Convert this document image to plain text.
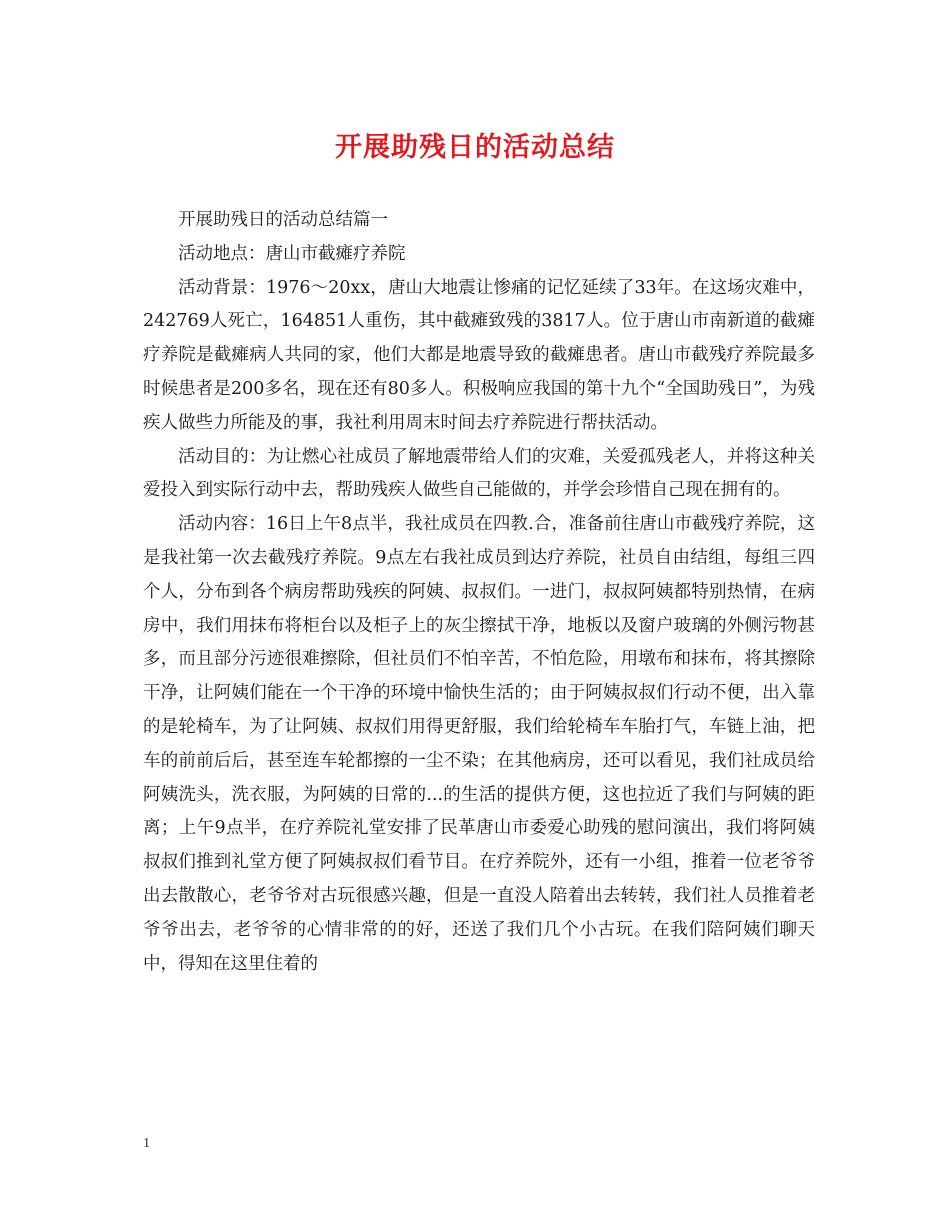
开展助残日的活动总结

开展助残日的活动总结篇一

活动地点：唐山市截瘫疗养院

活动背景：1976～20xx，唐山大地震让惨痛的记忆延续了33年。在这场灾难中，242769人死亡，164851人重伤，其中截瘫致残的3817人。位于唐山市南新道的截瘫疗养院是截瘫病人共同的家，他们大都是地震导致的截瘫患者。唐山市截残疗养院最多时候患者是200多名，现在还有80多人。积极响应我国的第十九个“全国助残日”，为残疾人做些力所能及的事，我社利用周末时间去疗养院进行帮扶活动。

活动目的：为让燃心社成员了解地震带给人们的灾难，关爱孤残老人，并将这种关爱投入到实际行动中去，帮助残疾人做些自己能做的，并学会珍惜自己现在拥有的。

活动内容：16日上午8点半，我社成员在四教.合，准备前往唐山市截残疗养院，这是我社第一次去截残疗养院。9点左右我社成员到达疗养院，社员自由结组，每组三四个人，分布到各个病房帮助残疾的阿姨、叔叔们。一进门，叔叔阿姨都特别热情，在病房中，我们用抹布将柜台以及柜子上的灰尘擦拭干净，地板以及窗户玻璃的外侧污物甚多，而且部分污迹很难擦除，但社员们不怕辛苦，不怕危险，用墩布和抹布，将其擦除干净，让阿姨们能在一个干净的环境中愉快生活的；由于阿姨叔叔们行动不便，出入靠的是轮椅车，为了让阿姨、叔叔们用得更舒服，我们给轮椅车车胎打气，车链上油，把车的前前后后，甚至连车轮都擦的一尘不染；在其他病房，还可以看见，我们社成员给阿姨洗头，洗衣服，为阿姨的日常的...的生活的提供方便，这也拉近了我们与阿姨的距离；上午9点半，在疗养院礼堂安排了民革唐山市委爱心助残的慰问演出，我们将阿姨叔叔们推到礼堂方便了阿姨叔叔们看节目。在疗养院外，还有一小组，推着一位老爷爷出去散散心，老爷爷对古玩很感兴趣，但是一直没人陪着出去转转，我们社人员推着老爷爷出去，老爷爷的心情非常的的好，还送了我们几个小古玩。在我们陪阿姨们聊天中，得知在这里住着的

1
